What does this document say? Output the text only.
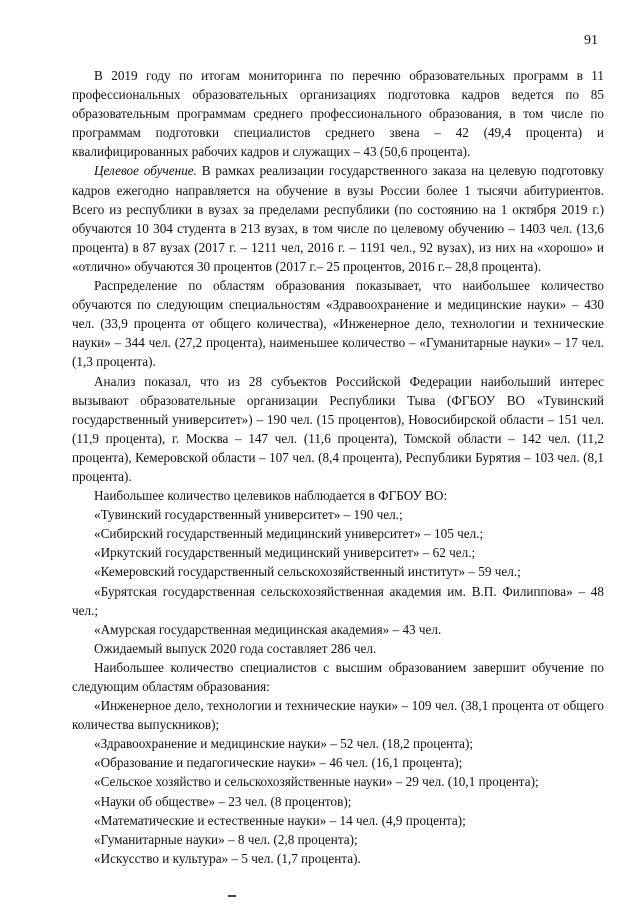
91

В 2019 году по итогам мониторинга по перечню образовательных программ в 11 профессиональных образовательных организациях подготовка кадров ведется по 85 образовательным программам среднего профессионального образования, в том числе по программам подготовки специалистов среднего звена – 42 (49,4 процента) и квалифицированных рабочих кадров и служащих – 43 (50,6 процента).

Целевое обучение. В рамках реализации государственного заказа на целевую подготовку кадров ежегодно направляется на обучение в вузы России более 1 тысячи абитуриентов. Всего из республики в вузах за пределами республики (по состоянию на 1 октября 2019 г.) обучаются 10 304 студента в 213 вузах, в том числе по целевому обучению – 1403 чел. (13,6 процента) в 87 вузах (2017 г. – 1211 чел, 2016 г. – 1191 чел., 92 вузах), из них на «хорошо» и «отлично» обучаются 30 процентов (2017 г.– 25 процентов, 2016 г.– 28,8 процента).

Распределение по областям образования показывает, что наибольшее количество обучаются по следующим специальностям «Здравоохранение и медицинские науки» – 430 чел. (33,9 процента от общего количества), «Инженерное дело, технологии и технические науки» – 344 чел. (27,2 процента), наименьшее количество – «Гуманитарные науки» – 17 чел. (1,3 процента).

Анализ показал, что из 28 субъектов Российской Федерации наибольший интерес вызывают образовательные организации Республики Тыва (ФГБОУ ВО «Тувинский государственный университет») – 190 чел. (15 процентов), Новосибирской области – 151 чел. (11,9 процента), г. Москва – 147 чел. (11,6 процента), Томской области – 142 чел. (11,2 процента), Кемеровской области – 107 чел. (8,4 процента), Республики Бурятия – 103 чел. (8,1 процента).

Наибольшее количество целевиков наблюдается в ФГБОУ ВО:

«Тувинский государственный университет» – 190 чел.;

«Сибирский государственный медицинский университет» – 105 чел.;

«Иркутский государственный медицинский университет» – 62 чел.;

«Кемеровский государственный сельскохозяйственный институт» – 59 чел.;

«Бурятская государственная сельскохозяйственная академия им. В.П. Филиппова» – 48 чел.;

«Амурская государственная медицинская академия» – 43 чел.

Ожидаемый выпуск 2020 года составляет 286 чел.

Наибольшее количество специалистов с высшим образованием завершит обучение по следующим областям образования:

«Инженерное дело, технологии и технические науки» – 109 чел. (38,1 процента от общего количества выпускников);

«Здравоохранение и медицинские науки» – 52 чел. (18,2 процента);

«Образование и педагогические науки» – 46 чел. (16,1 процента);

«Сельское хозяйство и сельскохозяйственные науки» – 29 чел. (10,1 процента);

«Науки об обществе» – 23 чел. (8 процентов);

«Математические и естественные науки» – 14 чел. (4,9 процента);

«Гуманитарные науки» – 8 чел. (2,8 процента);

«Искусство и культура» – 5 чел. (1,7 процента).
